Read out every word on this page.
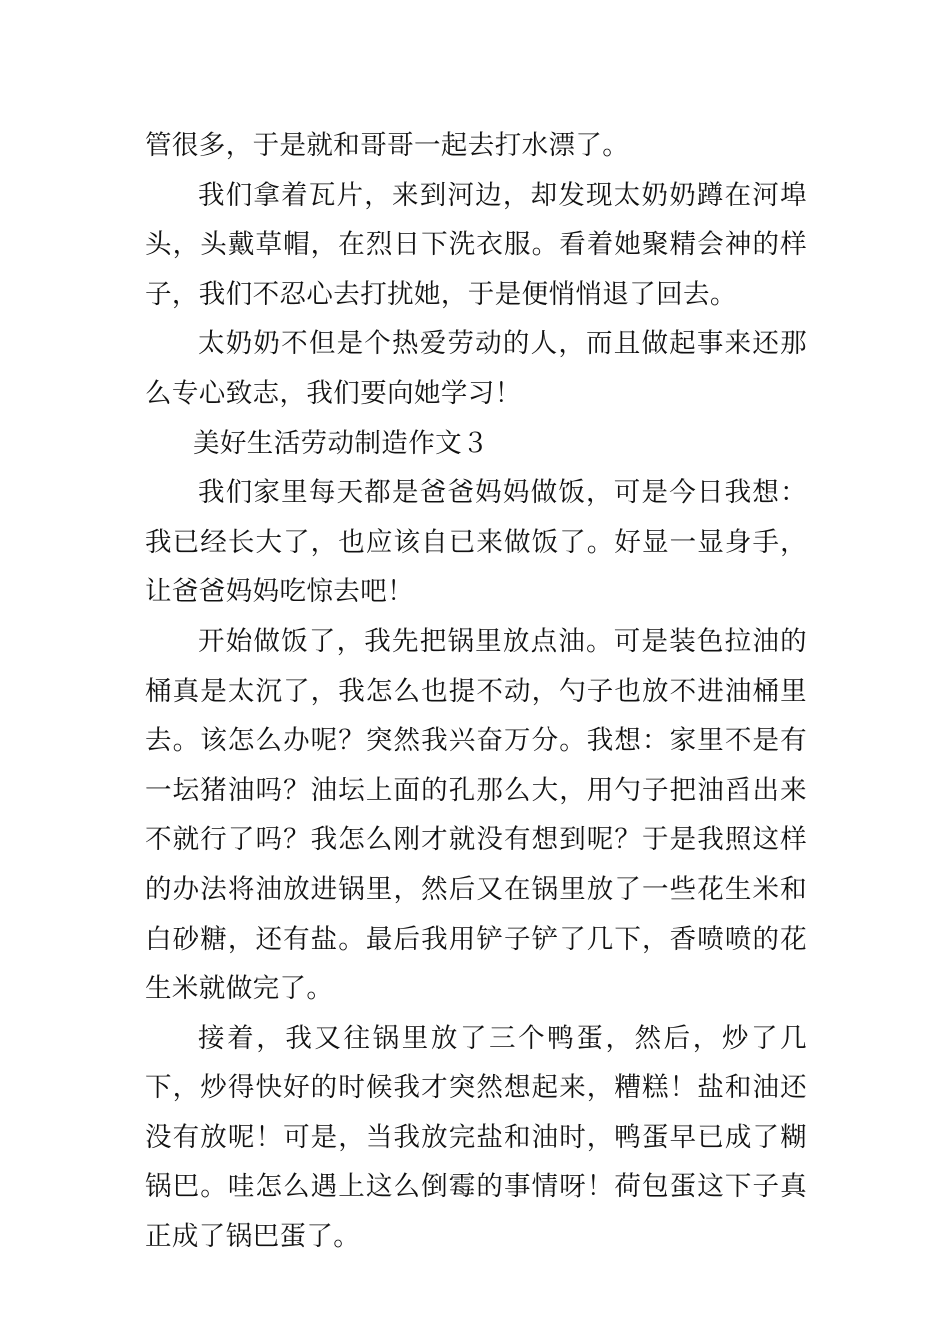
管很多，于是就和哥哥一起去打水漂了。

我们拿着瓦片，来到河边，却发现太奶奶蹲在河埠头，头戴草帽，在烈日下洗衣服。看着她聚精会神的样子，我们不忍心去打扰她，于是便悄悄退了回去。

太奶奶不但是个热爱劳动的人，而且做起事来还那么专心致志，我们要向她学习！

美好生活劳动制造作文３

我们家里每天都是爸爸妈妈做饭，可是今日我想：我已经长大了，也应该自已来做饭了。好显一显身手，让爸爸妈妈吃惊去吧！

开始做饭了，我先把锅里放点油。可是装色拉油的桶真是太沉了，我怎么也提不动，勺子也放不进油桶里去。该怎么办呢？突然我兴奋万分。我想：家里不是有一坛猪油吗？油坛上面的孔那么大，用勺子把油舀出来不就行了吗？我怎么刚才就没有想到呢？于是我照这样的办法将油放进锅里，然后又在锅里放了一些花生米和白砂糖，还有盐。最后我用铲子铲了几下，香喷喷的花生米就做完了。

接着，我又往锅里放了三个鸭蛋，然后，炒了几下，炒得快好的时候我才突然想起来，糟糕！盐和油还没有放呢！可是，当我放完盐和油时，鸭蛋早已成了糊锅巴。哇怎么遇上这么倒霉的事情呀！荷包蛋这下子真正成了锅巴蛋了。
